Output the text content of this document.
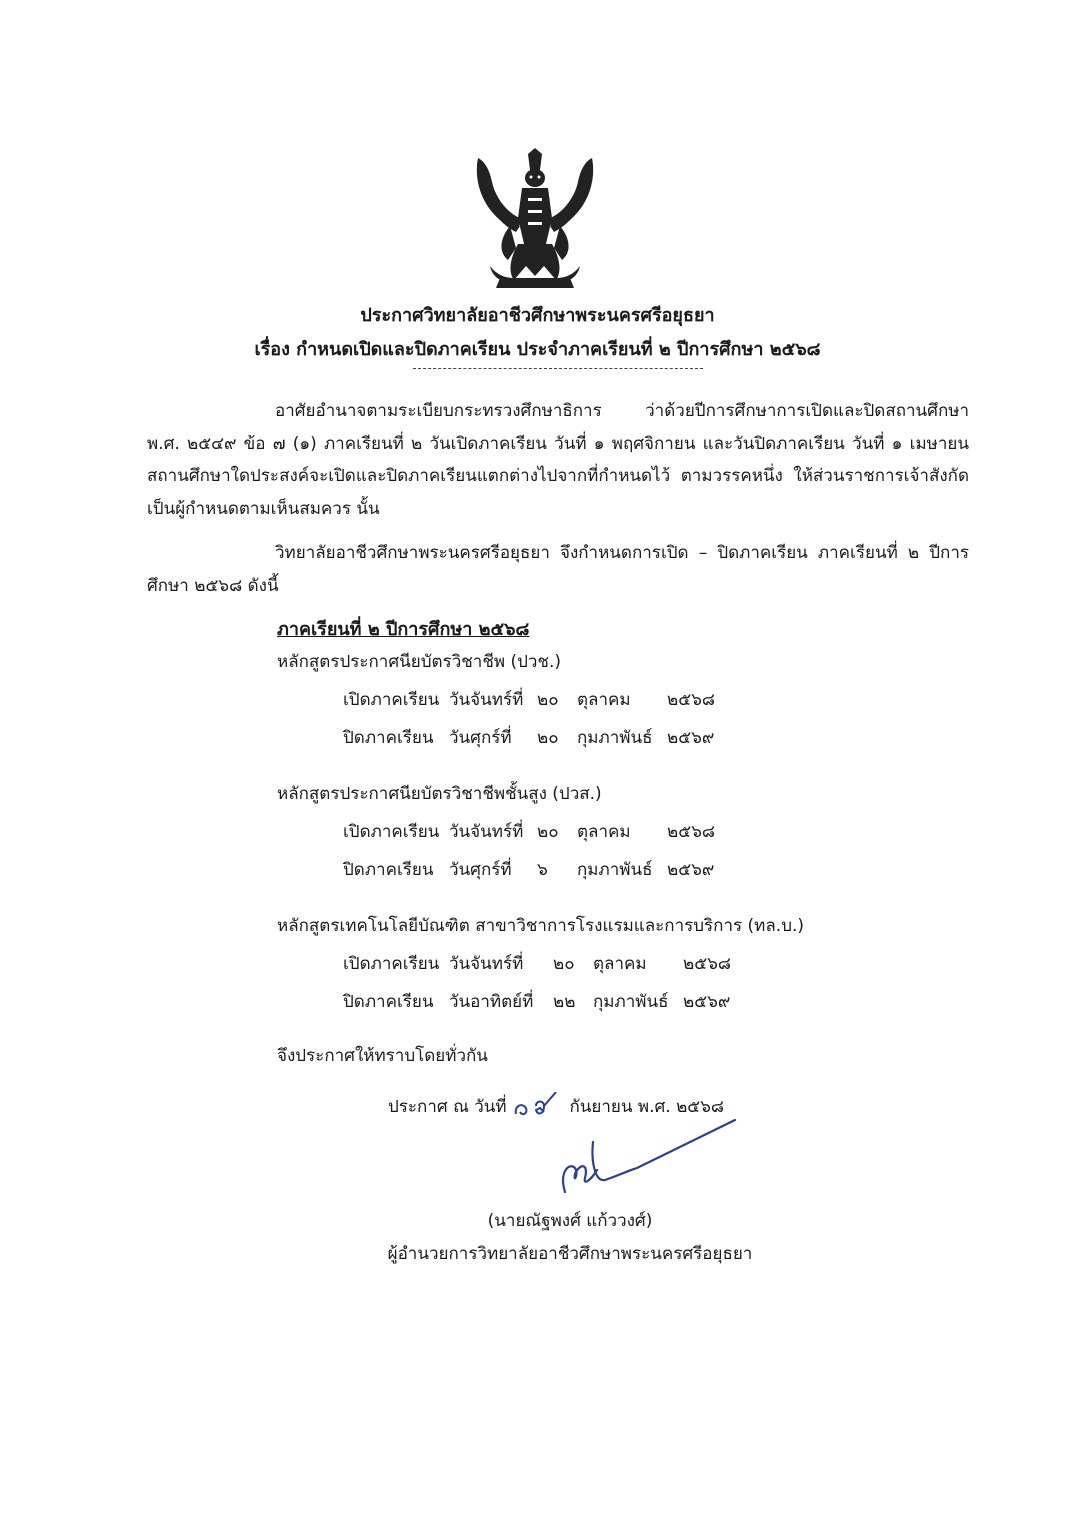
ประกาศวิทยาลัยอาชีวศึกษาพระนครศรีอยุธยา
เรื่อง กำหนดเปิดและปิดภาคเรียน ประจำภาคเรียนที่ ๒ ปีการศึกษา ๒๕๖๘
อาศัยอำนาจตามระเบียบกระทรวงศึกษาธิการ ว่าด้วยปีการศึกษาการเปิดและปิดสถานศึกษา พ.ศ. ๒๕๔๙ ข้อ ๗ (๑) ภาคเรียนที่ ๒ วันเปิดภาคเรียน วันที่ ๑ พฤศจิกายน และวันปิดภาคเรียน วันที่ ๑ เมษายน สถานศึกษาใดประสงค์จะเปิดและปิดภาคเรียนแตกต่างไปจากที่กำหนดไว้ ตามวรรคหนึ่ง ให้ส่วนราชการเจ้าสังกัด เป็นผู้กำหนดตามเห็นสมควร นั้น
วิทยาลัยอาชีวศึกษาพระนครศรีอยุธยา จึงกำหนดการเปิด – ปิดภาคเรียน ภาคเรียนที่ ๒ ปีการศึกษา ๒๕๖๘ ดังนี้
ภาคเรียนที่ ๒ ปีการศึกษา ๒๕๖๘
หลักสูตรประกาศนียบัตรวิชาชีพ (ปวช.)
เปิดภาคเรียน วันจันทร์ที่ ๒๐ ตุลาคม ๒๕๖๘
ปิดภาคเรียน วันศุกร์ที่ ๒๐ กุมภาพันธ์ ๒๕๖๙
หลักสูตรประกาศนียบัตรวิชาชีพชั้นสูง (ปวส.)
เปิดภาคเรียน วันจันทร์ที่ ๒๐ ตุลาคม ๒๕๖๘
ปิดภาคเรียน วันศุกร์ที่ ๖ กุมภาพันธ์ ๒๕๖๙
หลักสูตรเทคโนโลยีบัณฑิต สาขาวิชาการโรงแรมและการบริการ (ทล.บ.)
เปิดภาคเรียน วันจันทร์ที่ ๒๐ ตุลาคม ๒๕๖๘
ปิดภาคเรียน วันอาทิตย์ที่ ๒๒ กุมภาพันธ์ ๒๕๖๙
จึงประกาศให้ทราบโดยทั่วกัน
ประกาศ ณ วันที่	กันยายน พ.ศ. ๒๕๖๘
(นายณัฐพงศ์ แก้ววงศ์)
ผู้อำนวยการวิทยาลัยอาชีวศึกษาพระนครศรีอยุธยา
